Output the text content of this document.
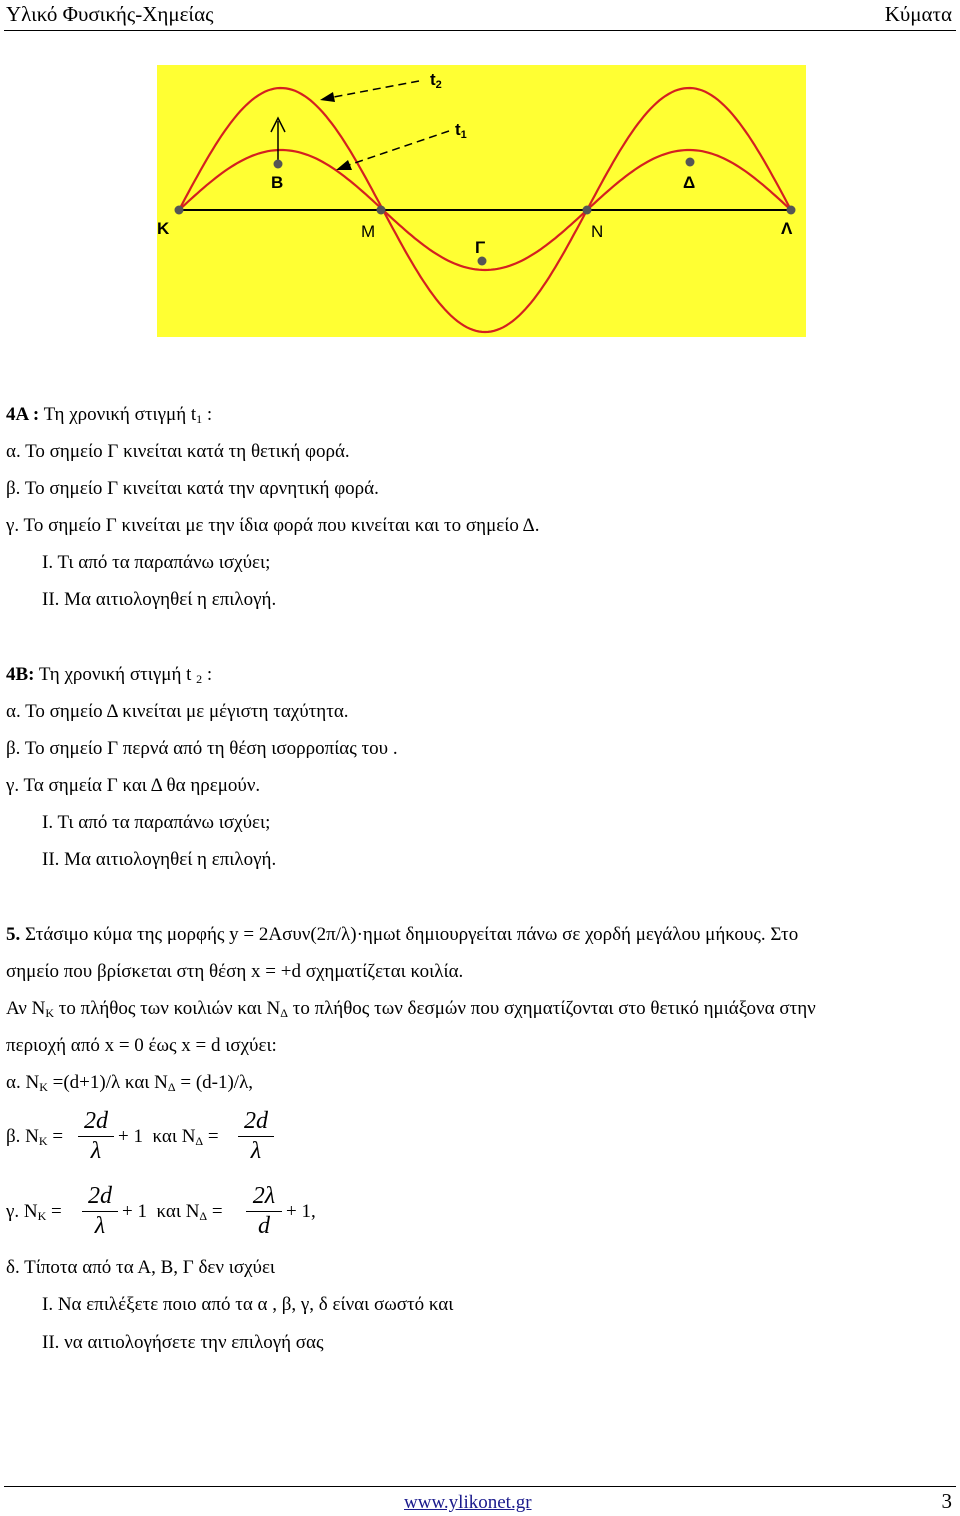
Υλικό Φυσικής-Χημείας	Κύματα
Κ	Μ	Ν	Λ
Β
Γ
Δ
t2
t1
4Α : Τη χρονική στιγμή $t_1$ :
α. Το σημείο Γ κινείται κατά τη θετική φορά.
β. Το σημείο Γ κινείται κατά την αρνητική φορά.
γ. Το σημείο Γ κινείται με την ίδια φορά που κινείται και το σημείο Δ.
Ι. Τι από τα παραπάνω ισχύει;
ΙΙ. Μα αιτιολογηθεί η επιλογή.
4Β: Τη χρονική στιγμή t $_2$ :
α. Το σημείο Δ κινείται με μέγιστη ταχύτητα.
β. Το σημείο Γ περνά από τη θέση ισορροπίας του .
γ. Τα σημεία Γ και Δ θα ηρεμούν.
Ι. Τι από τα παραπάνω ισχύει;
ΙΙ. Μα αιτιολογηθεί η επιλογή.
5. Στάσιμο κύμα της μορφής y = 2Ασυν(2π/λ)·ημωt δημιουργείται πάνω σε χορδή μεγάλου μήκους. Στο
σημείο που βρίσκεται στη θέση x = +d σχηματίζεται κοιλία.
Αν $N_K$ το πλήθος των κοιλιών και $N_\Delta$ το πλήθος των δεσμών που σχηματίζονται στο θετικό ημιάξονα στην
περιοχή από x = 0 έως x = d ισχύει:
α. $N_K =(d+1)/\lambda$ και $N_\Delta = (d-1)/\lambda$,
β. $N_K$ =
2d
λ
+ 1 και $N_\Delta$ =
2d
λ
γ. $N_K$ =
2d
λ
+ 1 και $N_\Delta$ =
2λ
d
+ 1,
δ. Τίποτα από τα Α, Β, Γ δεν ισχύει
Ι. Να επιλέξετε ποιο από τα α , β, γ, δ είναι σωστό και
ΙΙ. να αιτιολογήσετε την επιλογή σας
www.ylikonet.gr	3
